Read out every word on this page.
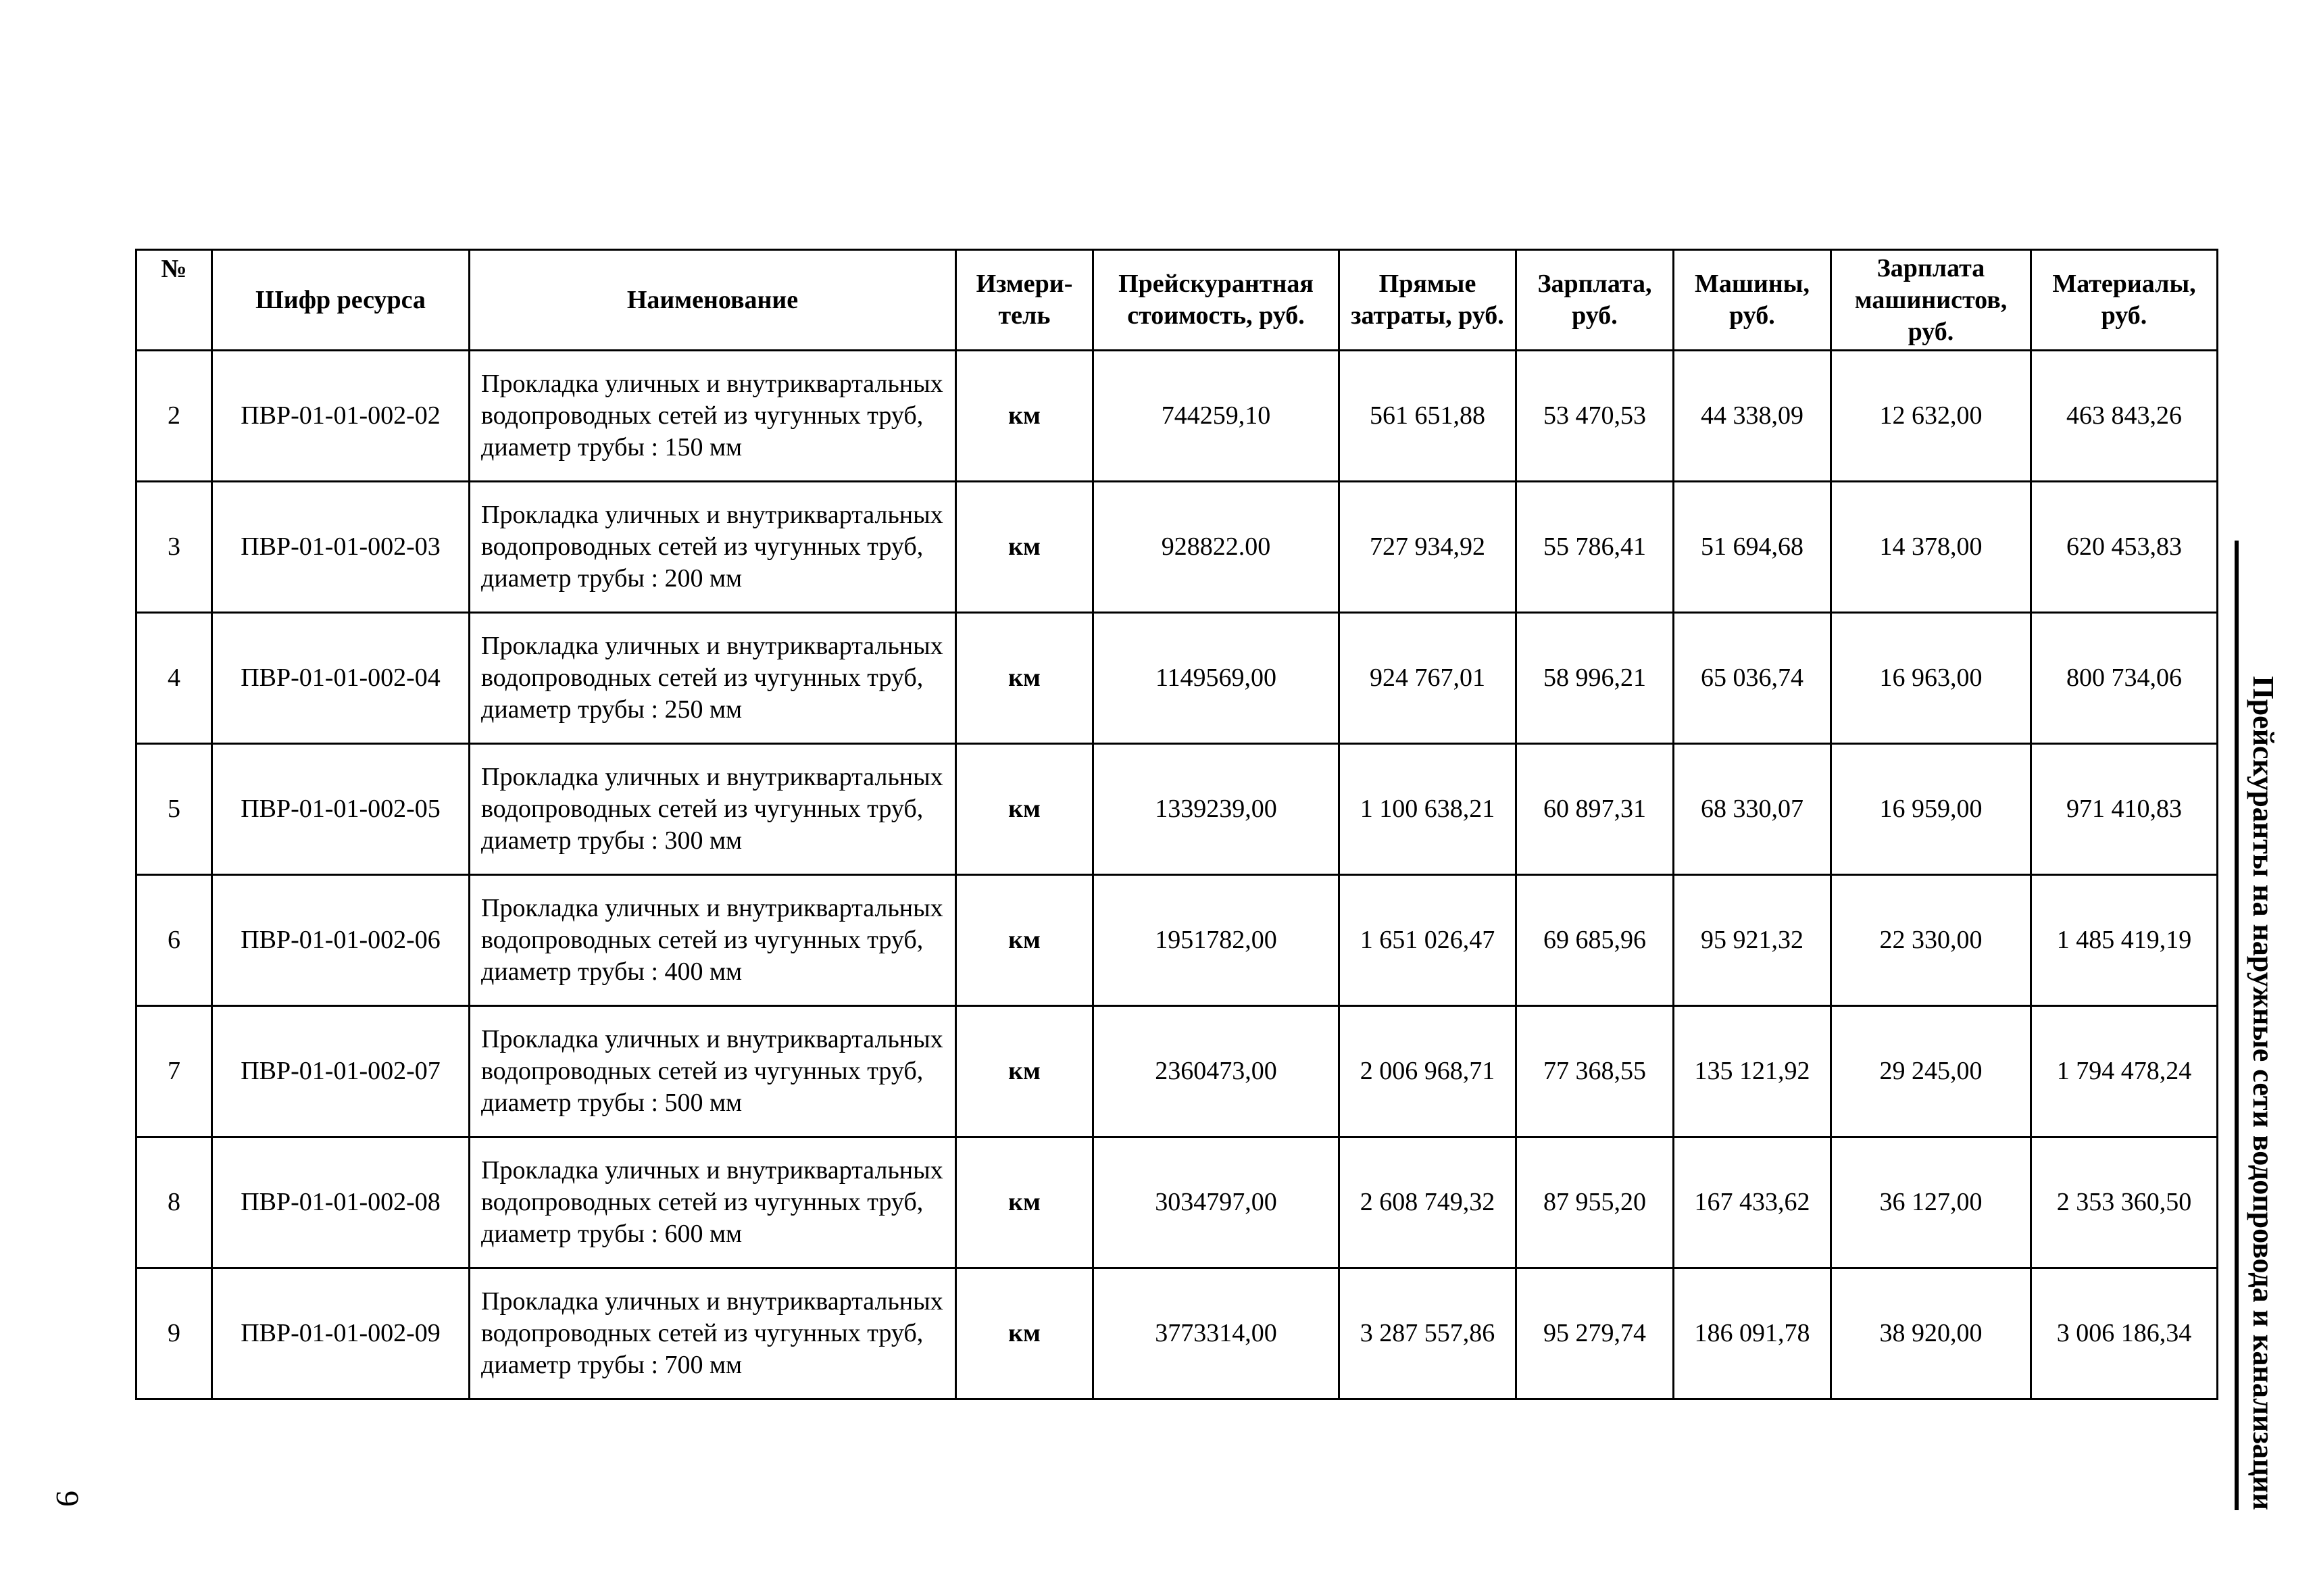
№	Шифр ресурса	Наименование	Измери-тель	Прейскурантная стоимость, руб.	Прямые затраты, руб.	Зарплата, руб.	Машины, руб.	Зарплата машинистов, руб.	Материалы, руб.
2	ПВР-01-01-002-02	Прокладка уличных и внутриквартальных водопроводных сетей из чугунных труб, диаметр трубы : 150 мм	км	744259,10	561 651,88	53 470,53	44 338,09	12 632,00	463 843,26
3	ПВР-01-01-002-03	Прокладка уличных и внутриквартальных водопроводных сетей из чугунных труб, диаметр трубы : 200 мм	км	928822.00	727 934,92	55 786,41	51 694,68	14 378,00	620 453,83
4	ПВР-01-01-002-04	Прокладка уличных и внутриквартальных водопроводных сетей из чугунных труб, диаметр трубы : 250 мм	км	1149569,00	924 767,01	58 996,21	65 036,74	16 963,00	800 734,06
5	ПВР-01-01-002-05	Прокладка уличных и внутриквартальных водопроводных сетей из чугунных труб, диаметр трубы : 300 мм	км	1339239,00	1 100 638,21	60 897,31	68 330,07	16 959,00	971 410,83
6	ПВР-01-01-002-06	Прокладка уличных и внутриквартальных водопроводных сетей из чугунных труб, диаметр трубы : 400 мм	км	1951782,00	1 651 026,47	69 685,96	95 921,32	22 330,00	1 485 419,19
7	ПВР-01-01-002-07	Прокладка уличных и внутриквартальных водопроводных сетей из чугунных труб, диаметр трубы : 500 мм	км	2360473,00	2 006 968,71	77 368,55	135 121,92	29 245,00	1 794 478,24
8	ПВР-01-01-002-08	Прокладка уличных и внутриквартальных водопроводных сетей из чугунных труб, диаметр трубы : 600 мм	км	3034797,00	2 608 749,32	87 955,20	167 433,62	36 127,00	2 353 360,50
9	ПВР-01-01-002-09	Прокладка уличных и внутриквартальных водопроводных сетей из чугунных труб, диаметр трубы : 700 мм	км	3773314,00	3 287 557,86	95 279,74	186 091,78	38 920,00	3 006 186,34	Прейскуранты на наружные сети водопровода и канализации
9
